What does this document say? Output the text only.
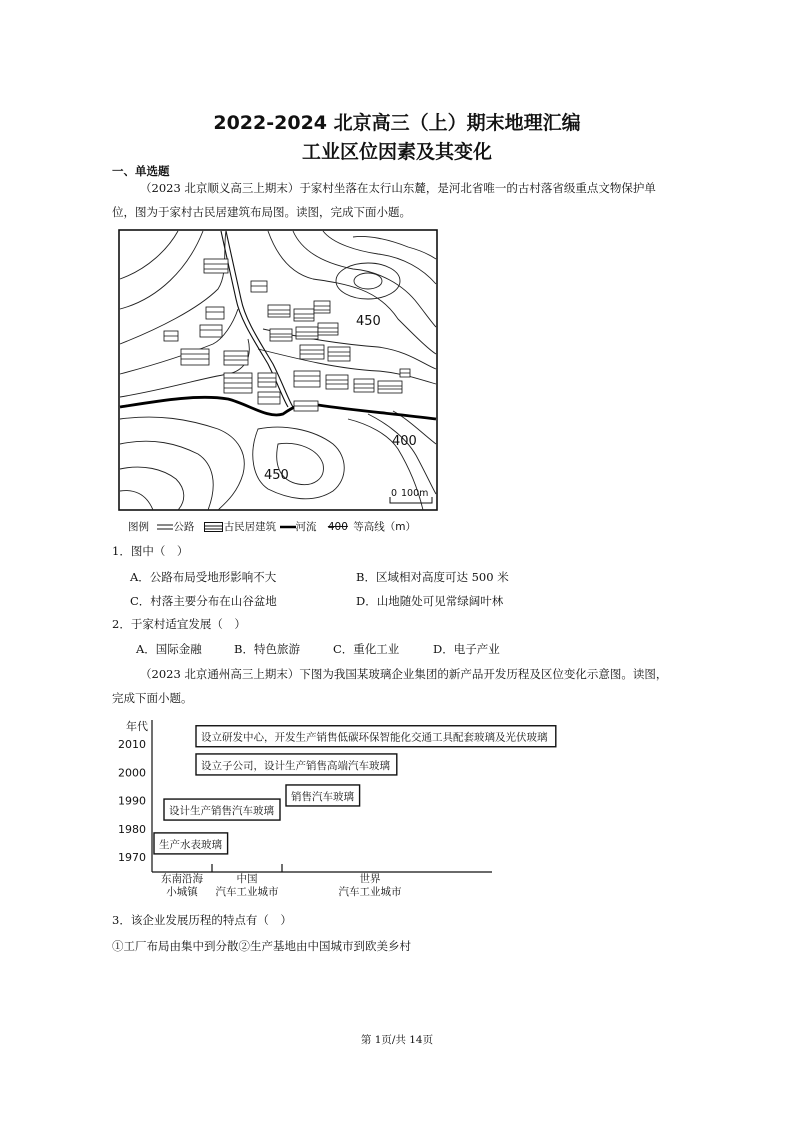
2022-2024 北京高三（上）期末地理汇编
工业区位因素及其变化
一、单选题
（2023 北京顺义高三上期末）于家村坐落在太行山东麓，是河北省唯一的古村落省级重点文物保护单
位，图为于家村古民居建筑布局图。读图，完成下面小题。
450
400
450
0 100m
图例 公路	古民居建筑 河流 400 等高线（m）
1．图中（　）
A．公路布局受地形影响不大	B．区域相对高度可达 500 米
C．村落主要分布在山谷盆地	D．山地随处可见常绿阔叶林
2．于家村适宜发展（　）
A．国际金融	B．特色旅游	C．重化工业	D．电子产业
（2023 北京通州高三上期末）下图为我国某玻璃企业集团的新产品开发历程及区位变化示意图。读图，
完成下面小题。
年代
1970
1980
1990
2000
2010
东南沿海
小城镇
中国
汽车工业城市
世界
汽车工业城市
生产水表玻璃
设计生产销售汽车玻璃
销售汽车玻璃
设立子公司，设计生产销售高端汽车玻璃
设立研发中心，开发生产销售低碳环保智能化交通工具配套玻璃及光伏玻璃
3．该企业发展历程的特点有（　）
①工厂布局由集中到分散②生产基地由中国城市到欧美乡村
第 1页/共 14页
